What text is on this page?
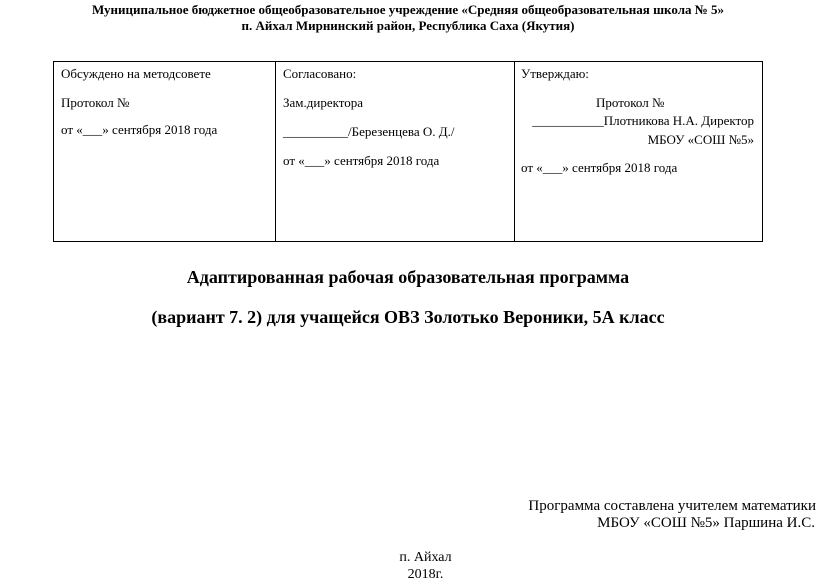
Муниципальное бюджетное общеобразовательное учреждение «Средняя общеобразовательная школа № 5»
п. Айхал Мирнинский район, Республика Саха (Якутия)
Обсуждено на методсовете
Протокол №
от «___» сентября 2018 года

Согласовано:
Зам.директора
__________/Березенцева О. Д./
от «___» сентября 2018 года

Утверждаю:
Протокол №
___________Плотникова Н.А. Директор
МБОУ «СОШ №5»
от «___» сентября 2018 года
Адаптированная рабочая образовательная программа
(вариант 7. 2) для учащейся ОВЗ Золотько Вероники, 5А класс
Программа составлена учителем математики
МБОУ «СОШ №5» Паршина И.С.
п. Айхал
2018г.
